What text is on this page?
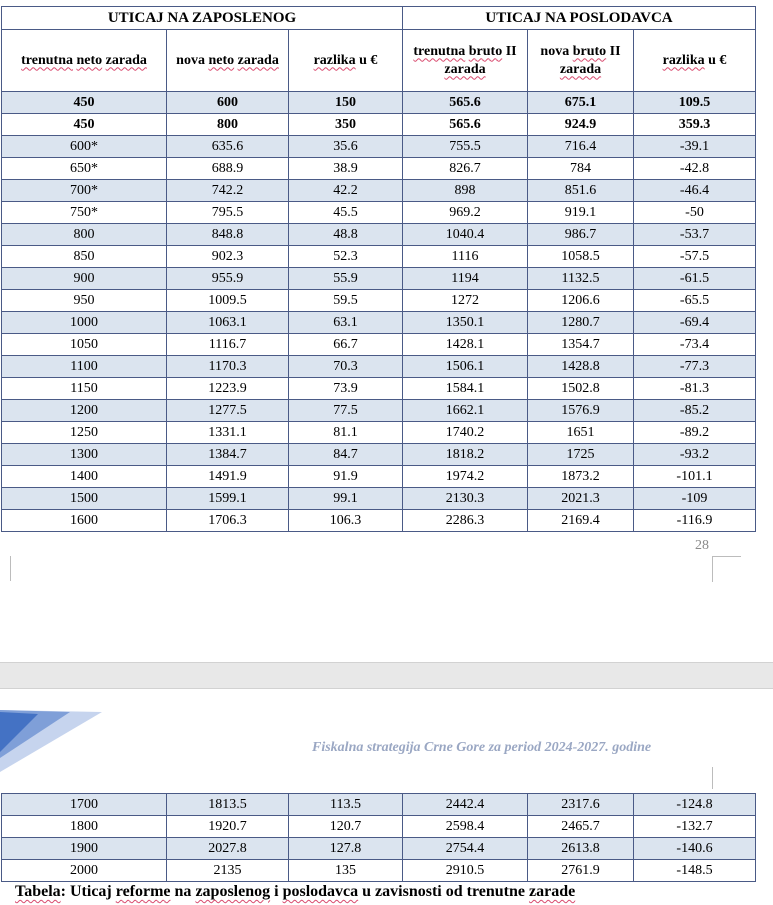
UTICAJ NA ZAPOSLENOG			UTICAJ NA POSLODAVCA		
trenutna neto zarada	nova neto zarada	razlika u €	trenutna bruto II zarada	nova bruto II zarada	razlika u €
450	600	150	565.6	675.1	109.5
450	800	350	565.6	924.9	359.3
600*	635.6	35.6	755.5	716.4	-39.1
650*	688.9	38.9	826.7	784	-42.8
700*	742.2	42.2	898	851.6	-46.4
750*	795.5	45.5	969.2	919.1	-50
800	848.8	48.8	1040.4	986.7	-53.7
850	902.3	52.3	1116	1058.5	-57.5
900	955.9	55.9	1194	1132.5	-61.5
950	1009.5	59.5	1272	1206.6	-65.5
1000	1063.1	63.1	1350.1	1280.7	-69.4
1050	1116.7	66.7	1428.1	1354.7	-73.4
1100	1170.3	70.3	1506.1	1428.8	-77.3
1150	1223.9	73.9	1584.1	1502.8	-81.3
1200	1277.5	77.5	1662.1	1576.9	-85.2
1250	1331.1	81.1	1740.2	1651	-89.2
1300	1384.7	84.7	1818.2	1725	-93.2
1400	1491.9	91.9	1974.2	1873.2	-101.1
1500	1599.1	99.1	2130.3	2021.3	-109
1600	1706.3	106.3	2286.3	2169.4	-116.9
28
Fiskalna strategija Crne Gore za period 2024-2027. godine
1700	1813.5	113.5	2442.4	2317.6	-124.8
1800	1920.7	120.7	2598.4	2465.7	-132.7
1900	2027.8	127.8	2754.4	2613.8	-140.6
2000	2135	135	2910.5	2761.9	-148.5
Tabela: Uticaj reforme na zaposlenog i poslodavca u zavisnosti od trenutne zarade
